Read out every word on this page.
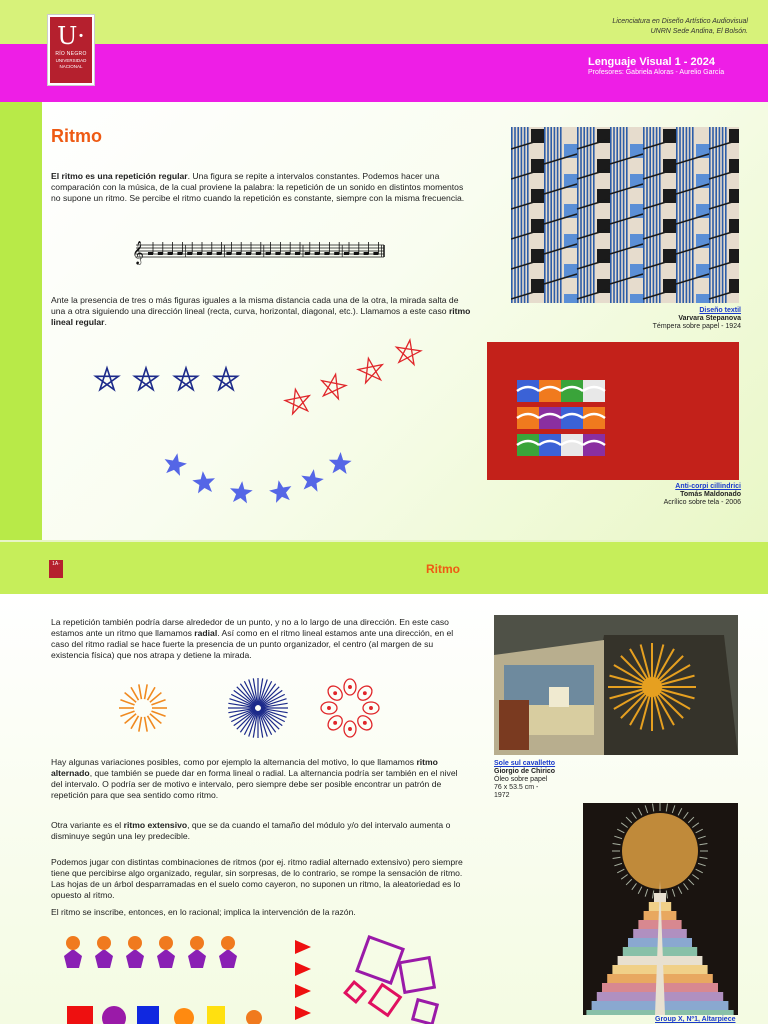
U·
RÍO NEGRO
UNIVERSIDAD
NACIONAL
Licenciatura en Diseño Artístico Audiovisual
UNRN Sede Andina, El Bolsón.
Lenguaje Visual 1 - 2024
Profesores: Gabriela Aloras - Aurelio García
Ritmo

El ritmo es una repetición regular. Una figura se repite a intervalos constantes. Podemos hacer una comparación con la música, de la cual proviene la palabra: la repetición de un sonido en distintos momentos no supone un ritmo. Se percibe el ritmo cuando la repetición es constante, siempre con la misma frecuencia.

𝄞

Ante la presencia de tres o más figuras iguales a la misma distancia cada una de la otra, la mirada salta de una a otra siguiendo una dirección lineal (recta, curva, horizontal, diagonal, etc.). Llamamos a este caso ritmo lineal regular.

Diseño textil
Varvara Stepanova
Témpera sobre papel - 1924
Anti-corpi cillindrici
Tomás Maldonado
Acrílico sobre tela - 2006
1A·	Ritmo

La repetición también podría darse alrededor de un punto, y no a lo largo de una dirección. En este caso estamos ante un ritmo que llamamos radial. Así como en el ritmo lineal estamos ante una dirección, en el caso del ritmo radial se hace fuerte la presencia de un punto organizador, el centro (al margen de su existencia física) que nos atrapa y detiene la mirada.

Hay algunas variaciones posibles, como por ejemplo la alternancia del motivo, lo que llamamos ritmo alternado, que también se puede dar en forma lineal o radial. La alternancia podría ser también en el nivel del intervalo. O podría ser de motivo e intervalo, pero siempre debe ser posible encontrar un patrón de repetición para que sea sentido como ritmo.

Otra variante es el ritmo extensivo, que se da cuando el tamaño del módulo y/o del intervalo aumenta o disminuye según una ley predecible.

Podemos jugar con distintas combinaciones de ritmos (por ej. ritmo radial alternado extensivo) pero siempre tiene que percibirse algo organizado, regular, sin sorpresas, de lo contrario, se rompe la sensación de ritmo. Las hojas de un árbol desparramadas en el suelo como cayeron, no suponen un ritmo, la aleatoriedad es lo opuesto al ritmo.

El ritmo se inscribe, entonces, en lo racional; implica la intervención de la razón.

Sole sul cavalletto
Giorgio de Chirico
Óleo sobre papel
76 x 53.5 cm -
1972
Group X, Nº1, Altarpiece
